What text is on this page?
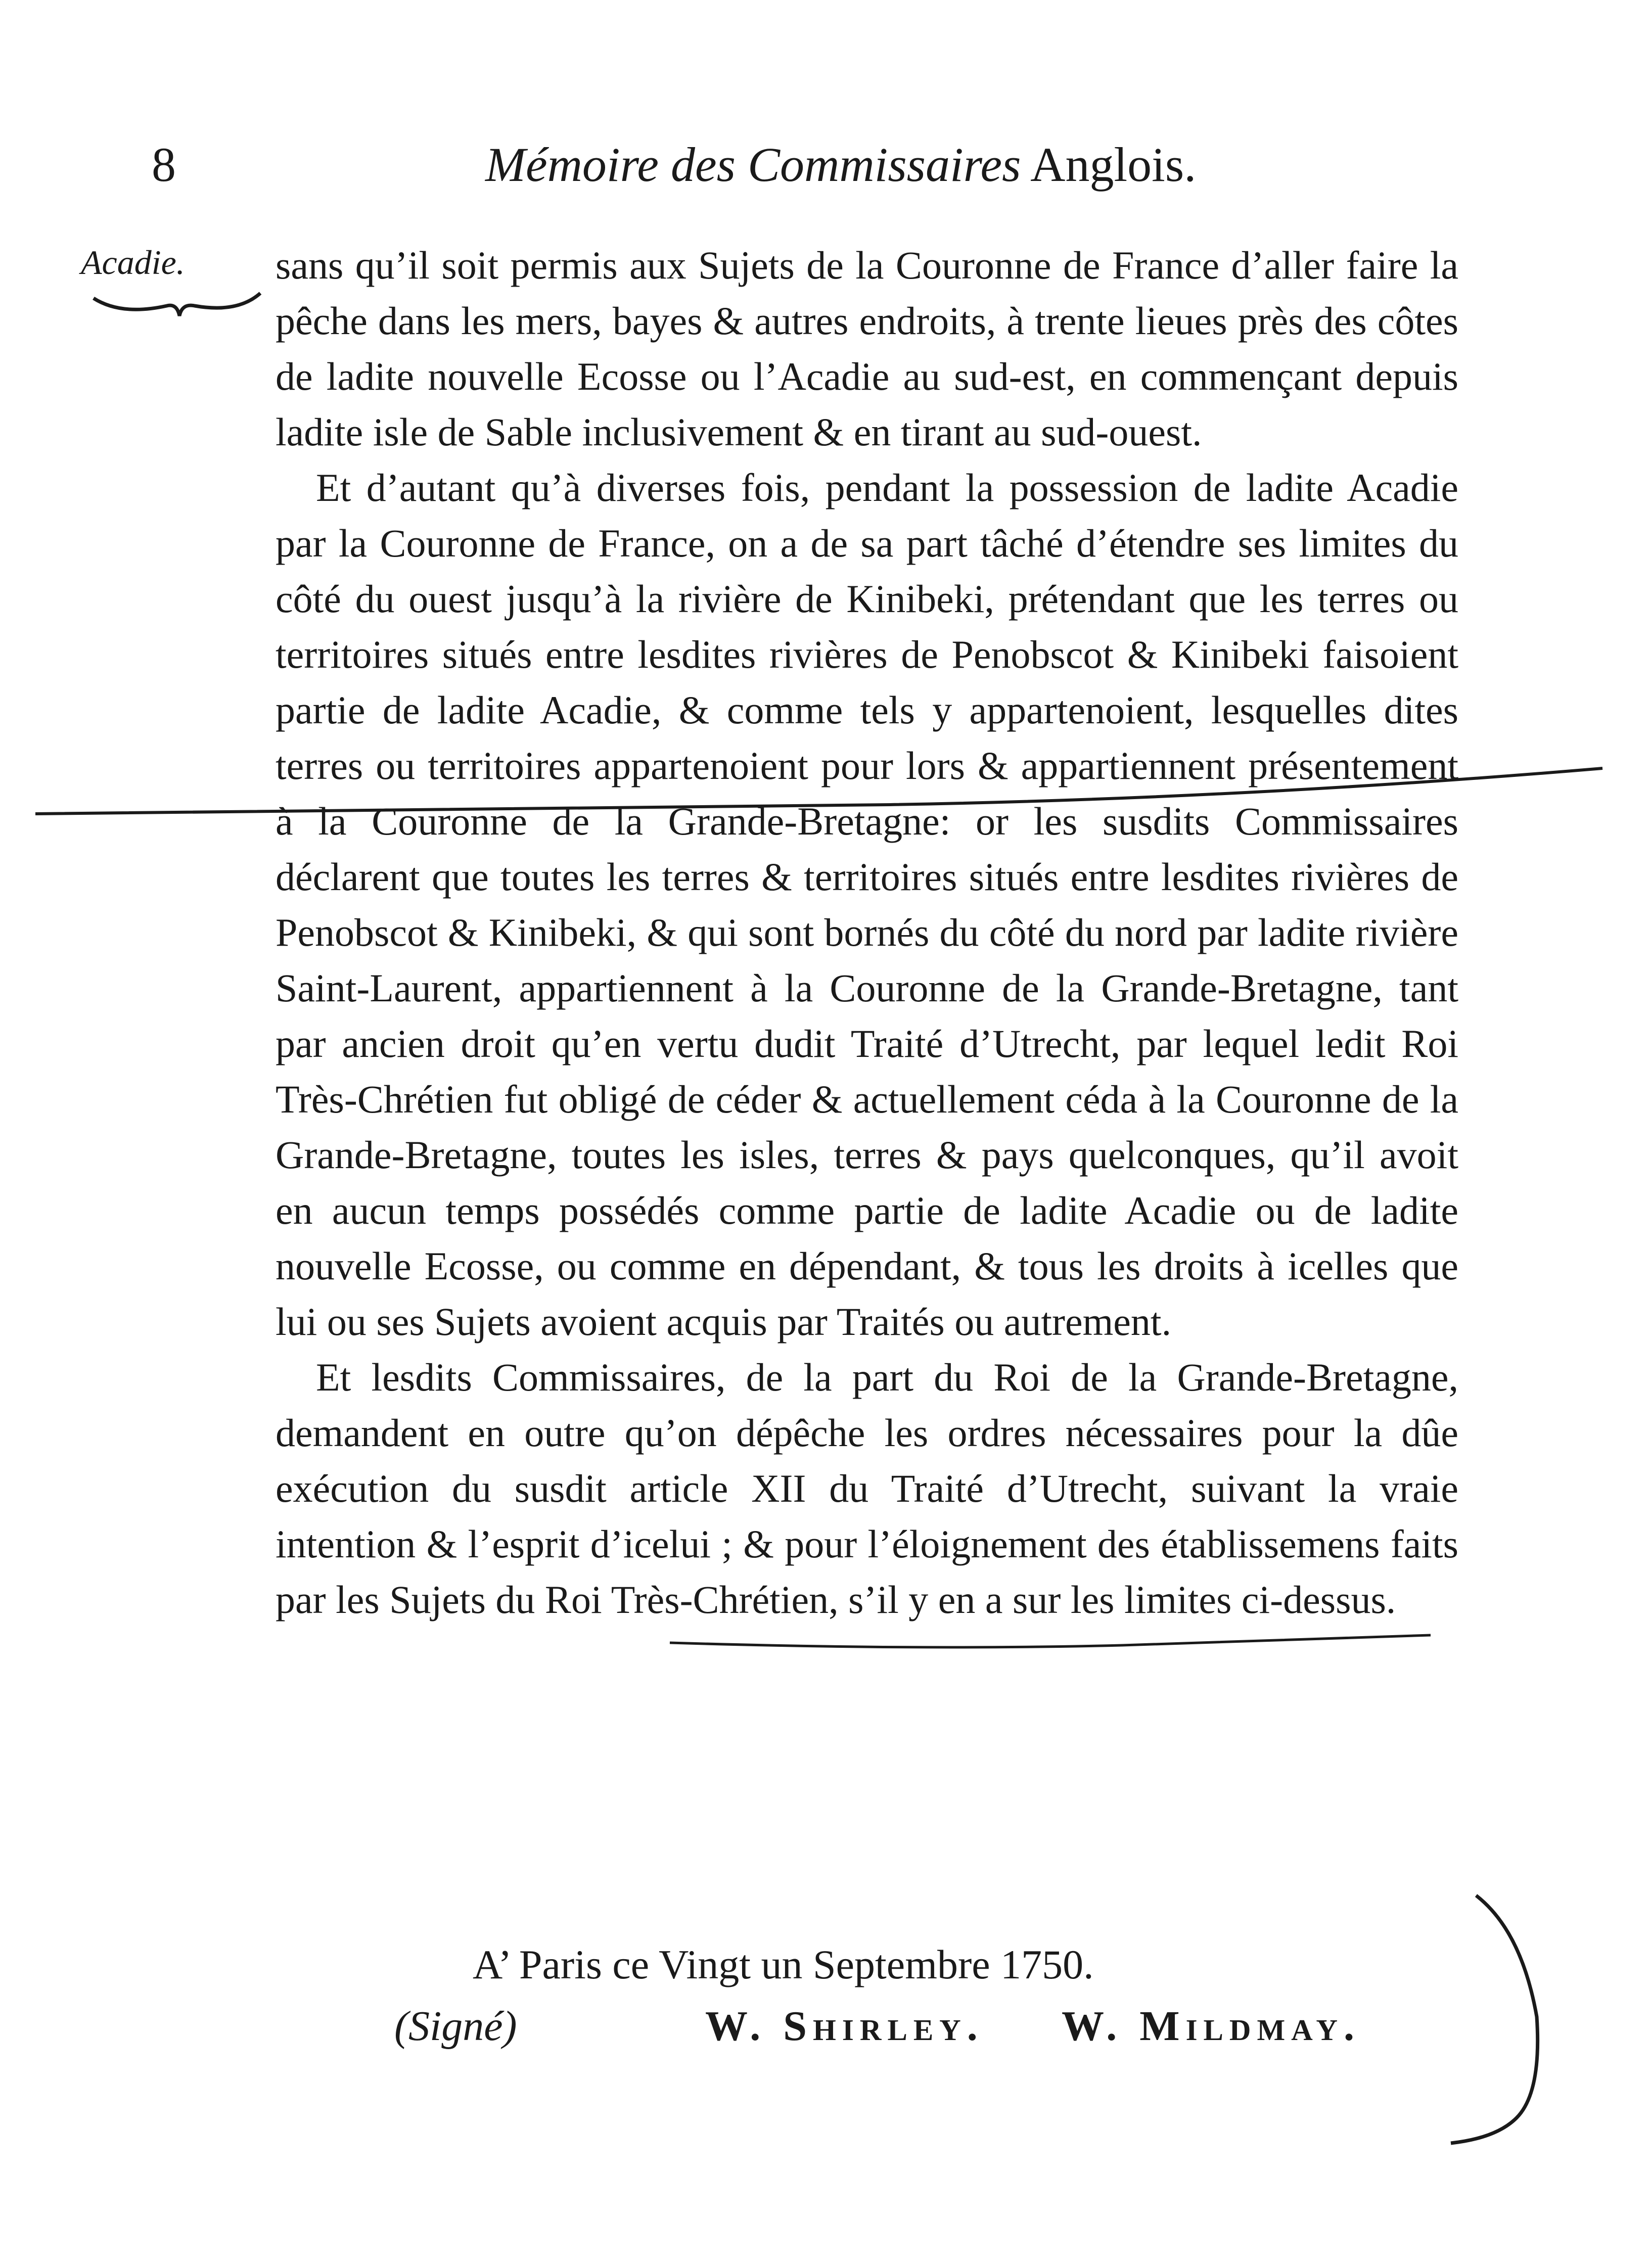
8	Mémoire des Commissaires Anglois.
Acadie. sans qu’il soit permis aux Sujets de la Couronne de France d’aller faire la pêche dans les mers, bayes & autres endroits, à trente lieues près des côtes de ladite nouvelle Ecosse ou l’Acadie au sud-est, en commençant depuis ladite isle de Sable inclusivement & en tirant au sud-ouest.

Et d’autant qu’à diverses fois, pendant la possession de ladite Acadie par la Couronne de France, on a de sa part tâché d’étendre ses limites du côté du ouest jusqu’à la rivière de Kinibeki, prétendant que les terres ou territoires situés entre lesdites rivières de Penobscot & Kinibeki faisoient partie de ladite Acadie, & comme tels y appartenoient, lesquelles dites terres ou territoires appartenoient pour lors & appartiennent présentement à la Couronne de la Grande-Bretagne: or les susdits Commissaires déclarent que toutes les terres & territoires situés entre lesdites rivières de Penobscot & Kinibeki, & qui sont bornés du côté du nord par ladite rivière Saint-Laurent, appartiennent à la Couronne de la Grande-Bretagne, tant par ancien droit qu’en vertu dudit Traité d’Utrecht, par lequel ledit Roi Très-Chrétien fut obligé de céder & actuellement céda à la Couronne de la Grande-Bretagne, toutes les isles, terres & pays quelconques, qu’il avoit en aucun temps possédés comme partie de ladite Acadie ou de ladite nouvelle Ecosse, ou comme en dépendant, & tous les droits à icelles que lui ou ses Sujets avoient acquis par Traités ou autrement.

Et lesdits Commissaires, de la part du Roi de la Grande-Bretagne, demandent en outre qu’on dépêche les ordres nécessaires pour la dûe exécution du susdit article XII du Traité d’Utrecht, suivant la vraie intention & l’esprit d’icelui ; & pour l’éloignement des établissemens faits par les Sujets du Roi Très-Chrétien, s’il y en a sur les limites ci-dessus.

A’ Paris ce Vingt un Septembre 1750.
(Signé)	W. Shirley. W. Mildmay.
